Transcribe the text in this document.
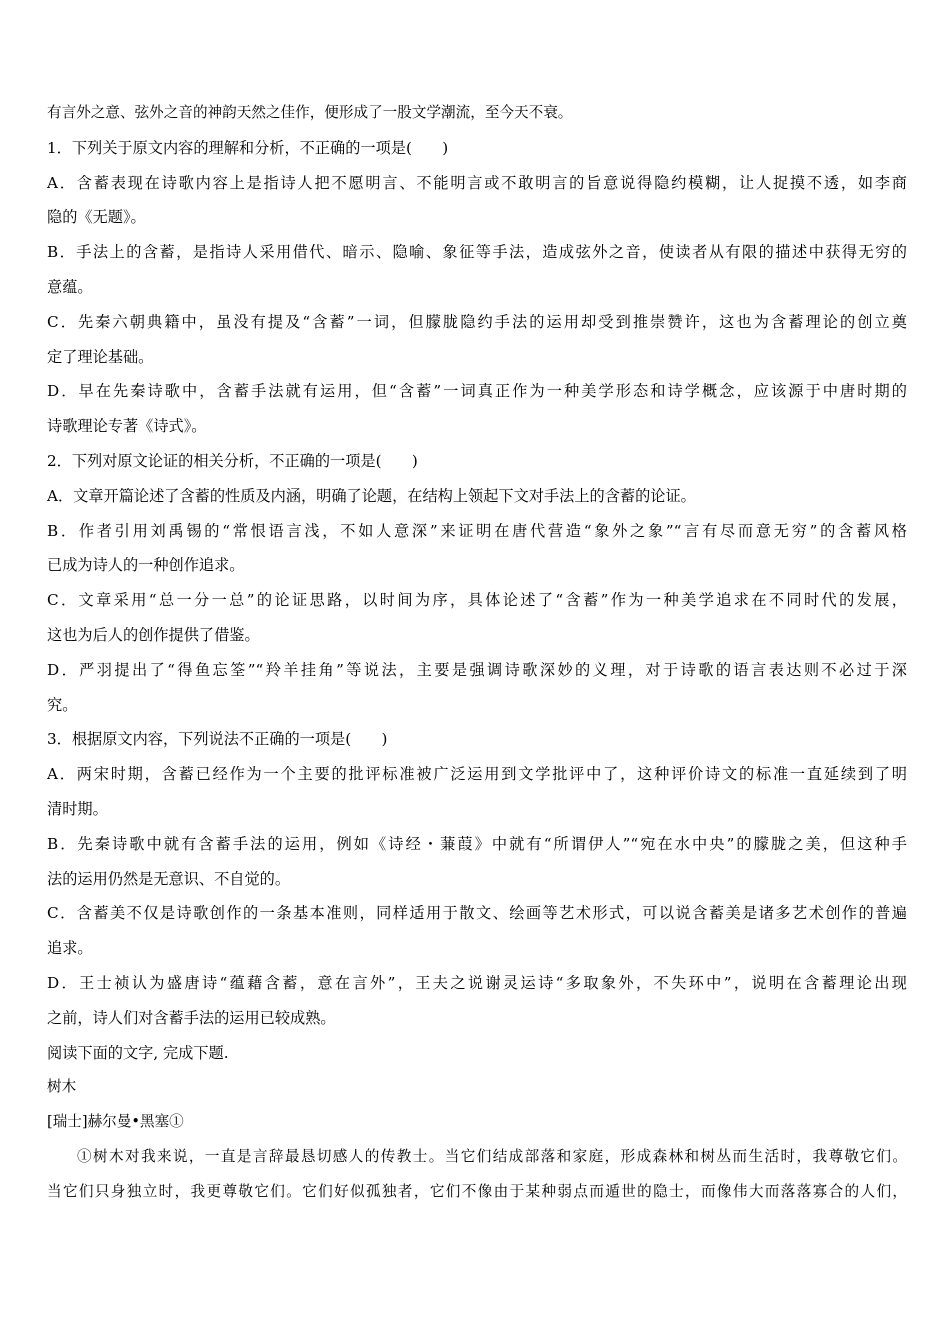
有言外之意、弦外之音的神韵天然之佳作，便形成了一股文学潮流，至今天不衰。
1．下列关于原文内容的理解和分析，不正确的一项是(　　)
A．含蓄表现在诗歌内容上是指诗人把不愿明言、不能明言或不敢明言的旨意说得隐约模糊，让人捉摸不透，如李商
隐的《无题》。
B．手法上的含蓄，是指诗人采用借代、暗示、隐喻、象征等手法，造成弦外之音，使读者从有限的描述中获得无穷的
意蕴。
C．先秦六朝典籍中，虽没有提及“含蓄”一词，但朦胧隐约手法的运用却受到推崇赞许，这也为含蓄理论的创立奠
定了理论基础。
D．早在先秦诗歌中，含蓄手法就有运用，但“含蓄”一词真正作为一种美学形态和诗学概念，应该源于中唐时期的
诗歌理论专著《诗式》。
2．下列对原文论证的相关分析，不正确的一项是(　　)
A．文章开篇论述了含蓄的性质及内涵，明确了论题，在结构上领起下文对手法上的含蓄的论证。
B．作者引用刘禹锡的“常恨语言浅，不如人意深”来证明在唐代营造“象外之象”“言有尽而意无穷”的含蓄风格
已成为诗人的一种创作追求。
C．文章采用“总一分一总”的论证思路，以时间为序，具体论述了“含蓄”作为一种美学追求在不同时代的发展，
这也为后人的创作提供了借鉴。
D．严羽提出了“得鱼忘筌”“羚羊挂角”等说法，主要是强调诗歌深妙的义理，对于诗歌的语言表达则不必过于深
究。
3．根据原文内容，下列说法不正确的一项是(　　)
A．两宋时期，含蓄已经作为一个主要的批评标准被广泛运用到文学批评中了，这种评价诗文的标准一直延续到了明
清时期。
B．先秦诗歌中就有含蓄手法的运用，例如《诗经・蒹葭》中就有“所谓伊人”“宛在水中央”的朦胧之美，但这种手
法的运用仍然是无意识、不自觉的。
C．含蓄美不仅是诗歌创作的一条基本准则，同样适用于散文、绘画等艺术形式，可以说含蓄美是诸多艺术创作的普遍
追求。
D．王士祯认为盛唐诗“蕴藉含蓄，意在言外”，王夫之说谢灵运诗“多取象外，不失环中”，说明在含蓄理论出现
之前，诗人们对含蓄手法的运用已较成熟。
阅读下面的文字, 完成下题.
树木
[瑞士]赫尔曼•黑塞①
①树木对我来说，一直是言辞最恳切感人的传教士。当它们结成部落和家庭，形成森林和树丛而生活时，我尊敬它们。
当它们只身独立时，我更尊敬它们。它们好似孤独者，它们不像由于某种弱点而遁世的隐士，而像伟大而落落寡合的人们，
